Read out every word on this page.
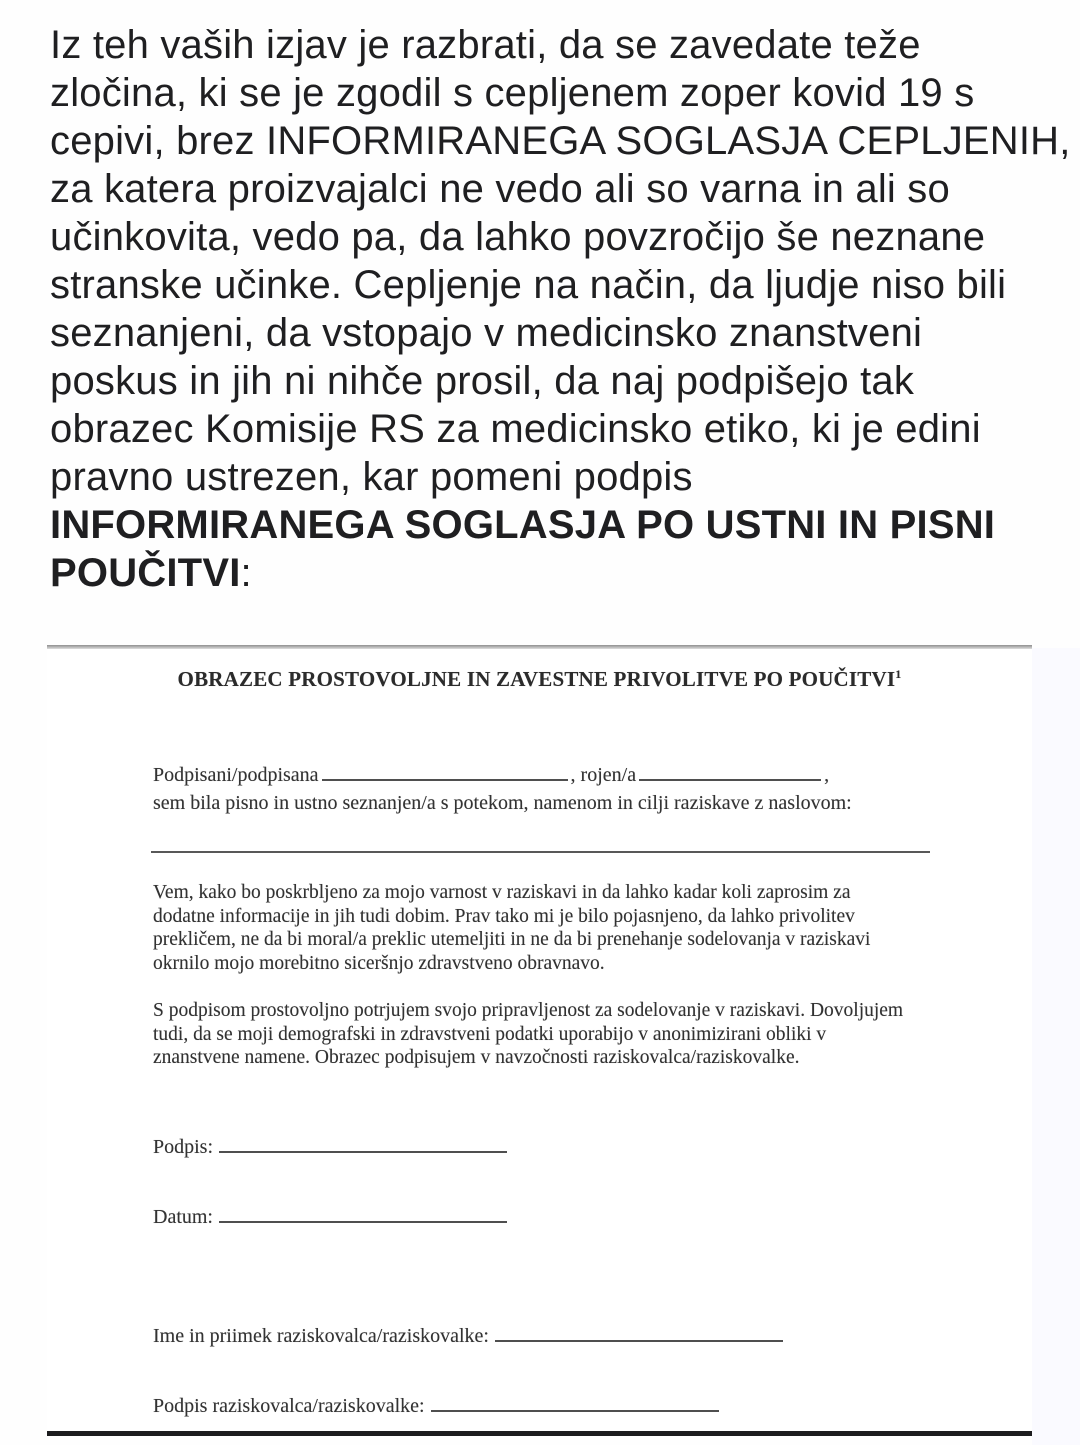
Iz teh vaših izjav je razbrati, da se zavedate teže
zločina, ki se je zgodil s cepljenem zoper kovid 19 s
cepivi, brez INFORMIRANEGA SOGLASJA CEPLJENIH,
za katera proizvajalci ne vedo ali so varna in ali so
učinkovita, vedo pa, da lahko povzročijo še neznane
stranske učinke. Cepljenje na način, da ljudje niso bili
seznanjeni, da vstopajo v medicinsko znanstveni
poskus in jih ni nihče prosil, da naj podpišejo tak
obrazec Komisije RS za medicinsko etiko, ki je edini
pravno ustrezen, kar pomeni podpis
INFORMIRANEGA SOGLASJA PO USTNI IN PISNI
POUČITVI:
OBRAZEC PROSTOVOLJNE IN ZAVESTNE PRIVOLITVE PO POUČITVI$^1$
Podpisani/podpisana	, rojen/a	,
sem bila pisno in ustno seznanjen/a s potekom, namenom in cilji raziskave z naslovom:
Vem, kako bo poskrbljeno za mojo varnost v raziskavi in da lahko kadar koli zaprosim za
dodatne informacije in jih tudi dobim. Prav tako mi je bilo pojasnjeno, da lahko privolitev
prekličem, ne da bi moral/a preklic utemeljiti in ne da bi prenehanje sodelovanja v raziskavi
okrnilo mojo morebitno siceršnjo zdravstveno obravnavo.
S podpisom prostovoljno potrjujem svojo pripravljenost za sodelovanje v raziskavi. Dovoljujem
tudi, da se moji demografski in zdravstveni podatki uporabijo v anonimizirani obliki v
znanstvene namene. Obrazec podpisujem v navzočnosti raziskovalca/raziskovalke.
Podpis:
Datum:
Ime in priimek raziskovalca/raziskovalke:
Podpis raziskovalca/raziskovalke:
